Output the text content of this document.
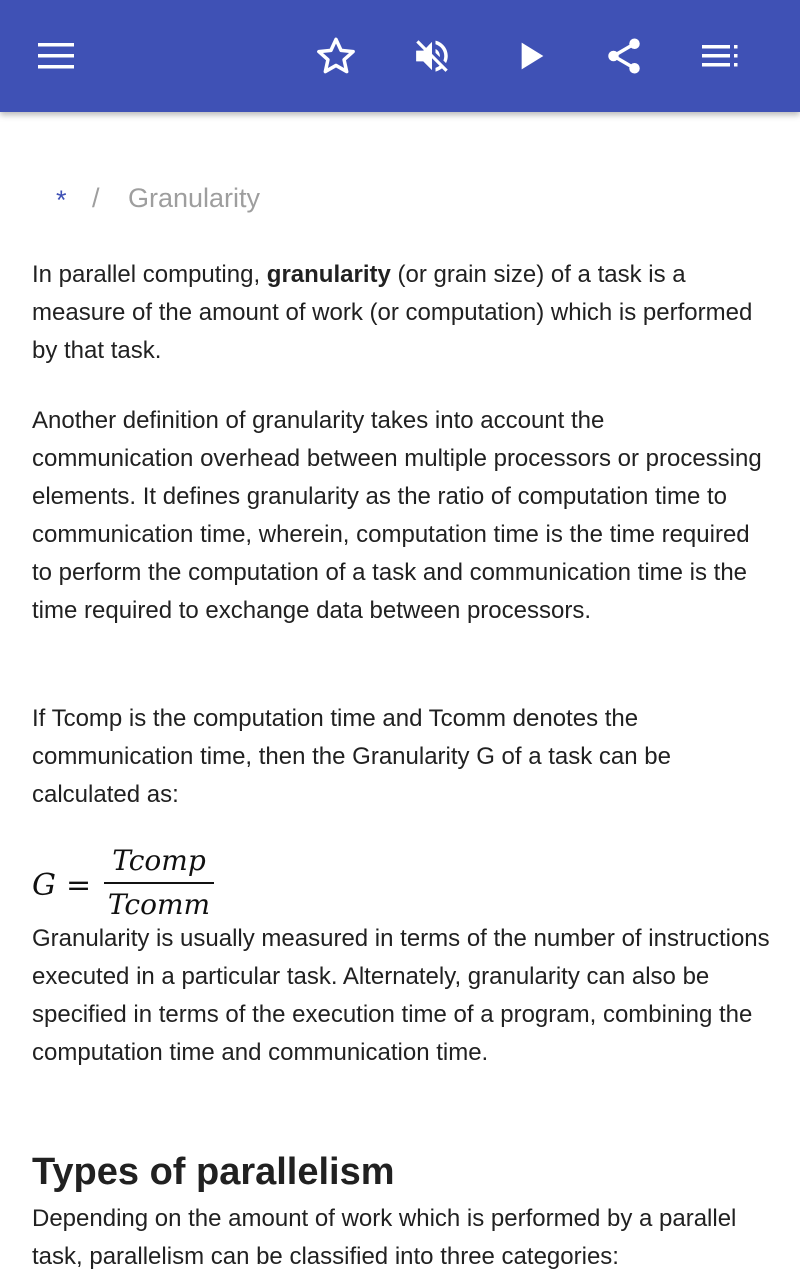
* / Granularity

In parallel computing, granularity (or grain size) of a task is a measure of the amount of work (or computation) which is performed by that task.

Another definition of granularity takes into account the communication overhead between multiple processors or processing elements. It defines granularity as the ratio of computation time to communication time, wherein, computation time is the time required to perform the computation of a task and communication time is the time required to exchange data between processors.

If Tcomp is the computation time and Tcomm denotes the communication time, then the Granularity G of a task can be calculated as:

G =
Tcomp
Tcomm

Granularity is usually measured in terms of the number of instructions executed in a particular task. Alternately, granularity can also be specified in terms of the execution time of a program, combining the computation time and communication time.

Types of parallelism

Depending on the amount of work which is performed by a parallel task, parallelism can be classified into three categories:
